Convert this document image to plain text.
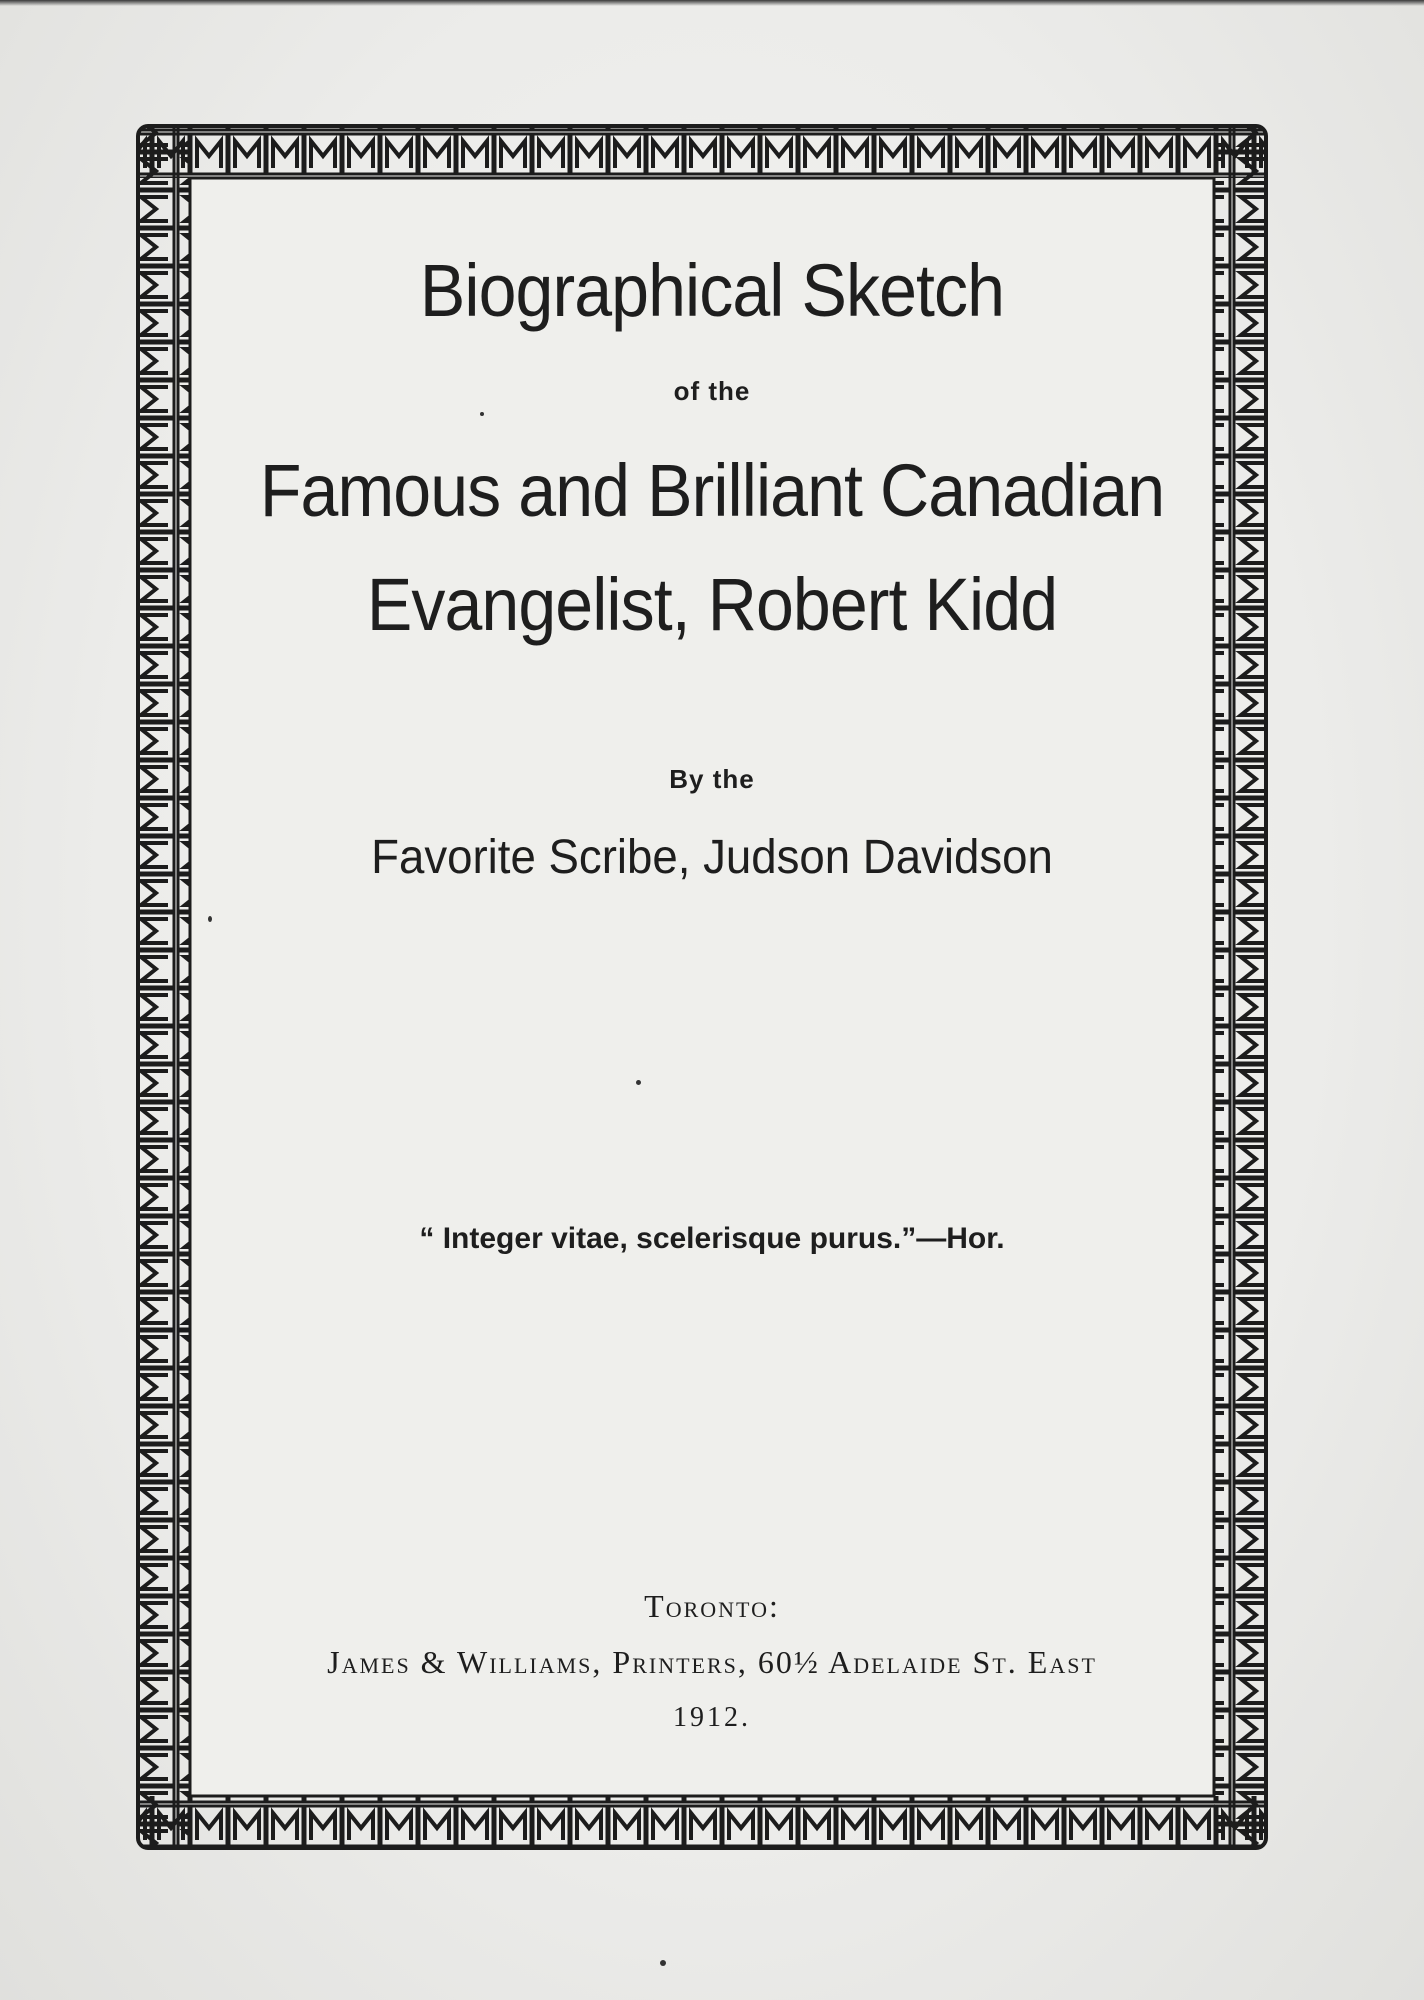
Biographical Sketch
of the
Famous and Brilliant Canadian
Evangelist, Robert Kidd
By the
Favorite Scribe, Judson Davidson
“ Integer vitae, scelerisque purus.”—Hor.
Toronto:
James & Williams, Printers, 60½ Adelaide St. East
1912.
